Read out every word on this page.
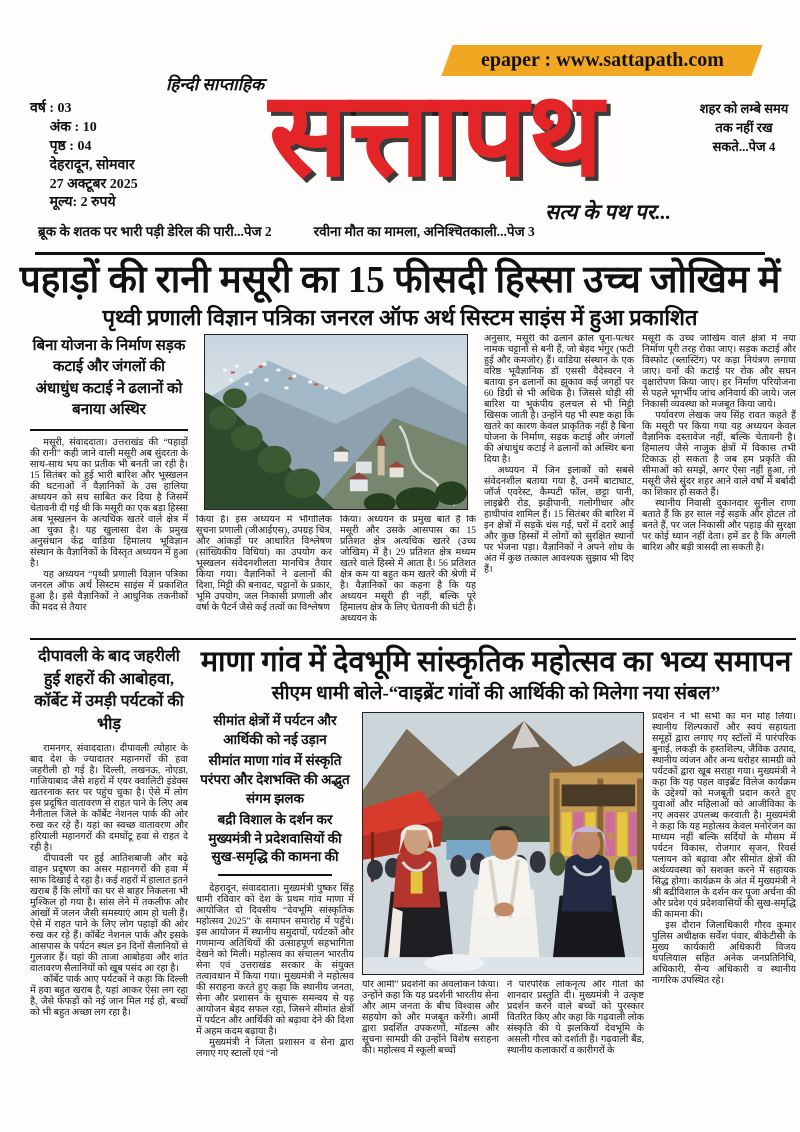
epaper : www.sattapath.com

वर्ष : 03

अंक : 10

पृष्ठ : 04

देहरादून, सोमवार

27 अक्टूबर 2025

मूल्य: 2 रुपये

हिन्दी साप्ताहिक सत्तापथ	शहर को लम्बे समय तक नहीं रख सकते...पेज 4
सत्य के पथ पर...
ब्रूक के शतक पर भारी पड़ी डेरिल की पारी...पेज 2	रवीना मौत का मामला, अनिश्चितकाली...पेज 3
पहाड़ों की रानी मसूरी का 15 फीसदी हिस्सा उच्च जोखिम में
पृथ्वी प्रणाली विज्ञान पत्रिका जनरल ऑफ अर्थ सिस्टम साइंस में हुआ प्रकाशित
बिना योजना के निर्माण सड़क कटाई और जंगलों की अंधाधुंध कटाई ने ढलानों को बनाया अस्थिर

मसूरी, संवाददाता। उत्तराखंड की “पहाड़ों की रानी” कही जाने वाली मसूरी अब सुंदरता के साथ-साथ भय का प्रतीक भी बनती जा रही है। 15 सितंबर को हुई भारी बारिश और भूस्खलन की घटनाओं ने वैज्ञानिकों के उस हालिया अध्ययन को सच साबित कर दिया है जिसमें चेतावनी दी गई थी कि मसूरी का एक बड़ा हिस्सा अब भूस्खलन के अत्यधिक खतरे वाले क्षेत्र में आ चुका है। यह खुलासा देश के प्रमुख अनुसंधान केंद्र वाडिया हिमालय भूविज्ञान संस्थान के वैज्ञानिकों के विस्तृत अध्ययन में हुआ है।

यह अध्ययन “पृथ्वी प्रणाली विज्ञान पत्रिका जनरल ऑफ अर्थ सिस्टम साइंस में प्रकाशित हुआ है। इसे वैज्ञानिकों ने आधुनिक तकनीकों की मदद से तैयार

किया है। इस अध्ययन में भौगोलिक सूचना प्रणाली (जीआईएस), उपग्रह चित्र, और आंकड़ों पर आधारित विश्लेषण (सांख्यिकीय विधियां) का उपयोग कर भूस्खलन संवेदनशीलता मानचित्र तैयार किया गया। वैज्ञानिकों ने ढलानों की दिशा, मिट्टी की बनावट, चट्टानों के प्रकार, भूमि उपयोग, जल निकासी प्रणाली और वर्षा के पैटर्न जैसे कई तत्वों का विश्लेषण

किया। अध्ययन के प्रमुख बातें है कि मसूरी और उसके आसपास का 15 प्रतिशत क्षेत्र अत्यधिक खतरे (उच्च जोखिम) में है। 29 प्रतिशत क्षेत्र मध्यम खतरे वाले हिस्से में आता है। 56 प्रतिशत क्षेत्र कम या बहुत कम खतरे की श्रेणी में है। वैज्ञानिकों का कहना है कि यह अध्ययन मसूरी ही नहीं, बल्कि पूरे हिमालय क्षेत्र के लिए चेतावनी की घंटी है। अध्ययन के

अनुसार, मसूरी की ढलानें क्रोल चूना-पत्थर नामक चट्टानों से बनी हैं, जो बेहद भंगुर (फटी हुई और कमजोर) हैं। वाडिया संस्थान के एक वरिष्ठ भूवैज्ञानिक डॉ एससी वैदेस्वरन ने बताया इन ढलानों का झुकाव कई जगहों पर 60 डिग्री से भी अधिक है। जिससे थोड़ी सी बारिश या भूकंपीय हलचल से भी मिट्टी खिसक जाती है। उन्होंने यह भी स्पष्ट कहा कि खतरे का कारण केवल प्राकृतिक नहीं है बिना योजना के निर्माण, सड़क कटाई और जंगलों की अंधाधुंध कटाई ने ढलानों को अस्थिर बना दिया है।

अध्ययन में जिन इलाकों को सबसे संवेदनशील बताया गया है, उनमें बाटाघाट, जॉर्ज एवरेस्ट, कैम्पटी फॉल, छट्टा पानी, लाइब्रेरी रोड, झड़ीपानी, गलोगीधार और हाथीपांव शामिल हैं। 15 सितंबर की बारिश में इन क्षेत्रों में सड़कें धंस गईं, घरों में दरारें आईं और कुछ हिस्सों में लोगों को सुरक्षित स्थानों पर भेजना पड़ा। वैज्ञानिकों ने अपने शोध के अंत में कुछ तत्काल आवश्यक सुझाव भी दिए हैं।

मसूरी के उच्च जोखिम वाले क्षेत्रों में नया निर्माण पूरी तरह रोका जाए। सड़क कटाई और विस्फोट (ब्लास्टिंग) पर कड़ा नियंत्रण लगाया जाए। वनों की कटाई पर रोक और सघन वृक्षारोपण किया जाए। हर निर्माण परियोजना से पहले भूगर्भीय जांच अनिवार्य की जाये। जल निकासी व्यवस्था को मजबूत किया जाये।

पर्यावरण लेखक जय सिंह रावत कहते हैं कि मसूरी पर किया गया यह अध्ययन केवल वैज्ञानिक दस्तावेज नहीं, बल्कि चेतावनी है। हिमालय जैसे नाजुक क्षेत्रों में विकास तभी टिकाऊ हो सकता है जब हम प्रकृति की सीमाओं को समझें, अगर ऐसा नहीं हुआ, तो मसूरी जैसे सुंदर शहर आने वाले वर्षों में बर्बादी का शिकार हो सकते हैं।

स्थानीय निवासी दुकानदार सुनील राणा बताते हैं कि हर साल नई सड़कें और होटल तो बनते हैं, पर जल निकासी और पहाड़ की सुरक्षा पर कोई ध्यान नहीं देता। हमें डर है कि अगली बारिश और बड़ी त्रासदी ला सकती है।

दीपावली के बाद जहरीली हुई शहरों की आबोहवा, कॉर्बेट में उमड़ी पर्यटकों की भीड़

रामनगर, संवाददाता। दीपावली त्योहार के बाद देश के ज्यादातर महानगरों की हवा जहरीली हो गई है। दिल्ली, लखनऊ, नोएडा, गाजियाबाद जैसे शहरों में एयर क्वालिटी इंडेक्स खतरनाक स्तर पर पहुंच चुका है। ऐसे में लोग इस प्रदूषित वातावरण से राहत पाने के लिए अब नैनीताल जिले के कॉर्बेट नेशनल पार्क की ओर रुख कर रहे हैं। यहां का स्वच्छ वातावरण और हरियाली महानगरों की दमघोंटू हवा से राहत दे रही है।

दीपावली पर हुई आतिशबाजी और बढ़े वाहन प्रदूषण का असर महानगरों की हवा में साफ दिखाई दे रहा है। कई शहरों में हालात इतने खराब हैं कि लोगों का घर से बाहर निकलना भी मुश्किल हो गया है। सांस लेने में तकलीफ और आंखों में जलन जैसी समस्याएं आम हो चली हैं। ऐसे में राहत पाने के लिए लोग पहाड़ों की ओर रुख कर रहे हैं। कॉर्बेट नेशनल पार्क और इसके आसपास के पर्यटन स्थल इन दिनों सैलानियों से गुलजार हैं। यहां की ताजा आबोहवा और शांत वातावरण सैलानियों को खूब पसंद आ रहा है।

कॉर्बेट पार्क आए पर्यटकों ने कहा कि दिल्ली में हवा बहुत खराब है, यहां आकर ऐसा लग रहा है, जैसे फेफड़ों को नई जान मिल गई हो, बच्चों को भी बहुत अच्छा लग रहा है।

माणा गांव में देवभूमि सांस्कृतिक महोत्सव का भव्य समापन
सीएम धामी बोले-“वाइब्रेंट गांवों की आर्थिकी को मिलेगा नया संबल”

सीमांत क्षेत्रों में पर्यटन और आर्थिकी को नई उड़ान

सीमांत माणा गांव में संस्कृति परंपरा और देशभक्ति की अद्भुत संगम झलक

बद्री विशाल के दर्शन कर मुख्यमंत्री ने प्रदेशवासियों की सुख-समृद्धि की कामना की

देहरादून, संवाददाता। मुख्यमंत्री पुष्कर सिंह धामी रविवार को देश के प्रथम गांव माणा में आयोजित दो दिवसीय “देवभूमि सांस्कृतिक महोत्सव 2025” के समापन समारोह में पहुँचे। इस आयोजन में स्थानीय समुदायों, पर्यटकों और गणमान्य अतिथियों की उत्साहपूर्ण सहभागिता देखने को मिली। महोत्सव का संचालन भारतीय सेना एवं उत्तराखंड सरकार के संयुक्त तत्वावधान में किया गया। मुख्यमंत्री ने महोत्सव की सराहना करते हुए कहा कि स्थानीय जनता, सेना और प्रशासन के सुचारू समन्वय से यह आयोजन बेहद सफल रहा, जिसने सीमांत क्षेत्रों में पर्यटन और आर्थिकी को बढ़ावा देने की दिशा में अहम कदम बढ़ाया है।

मुख्यमंत्री ने जिला प्रशासन व सेना द्वारा लगाए गए स्टालों एवं “नो

योर आर्मी” प्रदर्शनी का अवलोकन किया। उन्होंने कहा कि यह प्रदर्शनी भारतीय सेना और आम जनता के बीच विश्वास और सहयोग को और मजबूत करेंगी। आर्मी द्वारा प्रदर्शित उपकरणों, मॉडल्स और सूचना सामग्री की उन्होंने विशेष सराहना की। महोत्सव में स्कूली बच्चों

ने पारंपरिक लोकनृत्य और गीतों की शानदार प्रस्तुति दी। मुख्यमंत्री ने उत्कृष्ट प्रदर्शन करने वाले बच्चों को पुरस्कार वितरित किए और कहा कि गढ़वाली लोक संस्कृति की ये झलकियाँ देवभूमि के असली गौरव को दर्शाती हैं। गढ़वाली बैंड, स्थानीय कलाकारों व कारीगरों के

प्रदर्शन ने भी सभी का मन मोह लिया। स्थानीय शिल्पकारों और स्वयं सहायता समूहों द्वारा लगाए गए स्टॉलों में पारंपरिक बुनाई, लकड़ी के हस्तशिल्प, जैविक उत्पाद, स्थानीय व्यंजन और अन्य धरोहर सामग्री को पर्यटकों द्वारा खूब सराहा गया। मुख्यमंत्री ने कहा कि यह पहल वाइब्रेंट विलेज कार्यक्रम के उद्देश्यों को मजबूती प्रदान करते हुए युवाओं और महिलाओं को आजीविका के नए अवसर उपलब्ध करवाती है। मुख्यमंत्री ने कहा कि यह महोत्सव केवल मनोरंजन का माध्यम नहीं बल्कि सर्दियों के मौसम में पर्यटन विकास, रोजगार सृजन, रिवर्स पलायन को बढ़ावा और सीमांत क्षेत्रों की अर्थव्यवस्था को सशक्त करने में सहायक सिद्ध होगा। कार्यक्रम के अंत में मुख्यमंत्री ने श्री बद्रीविशाल के दर्शन कर पूजा अर्चना की और प्रदेश एवं प्रदेशवासियों की सुख-समृद्धि की कामना की।

इस दौरान जिलाधिकारी गौरव कुमार पुलिस अधीक्षक सर्वेश पंवार, बीकेटीसी के मुख्य कार्यकारी अधिकारी विजय थपलियाल सहित अनेक जनप्रतिनिधि, अधिकारी, सैन्य अधिकारी व स्थानीय नागरिक उपस्थित रहे।
